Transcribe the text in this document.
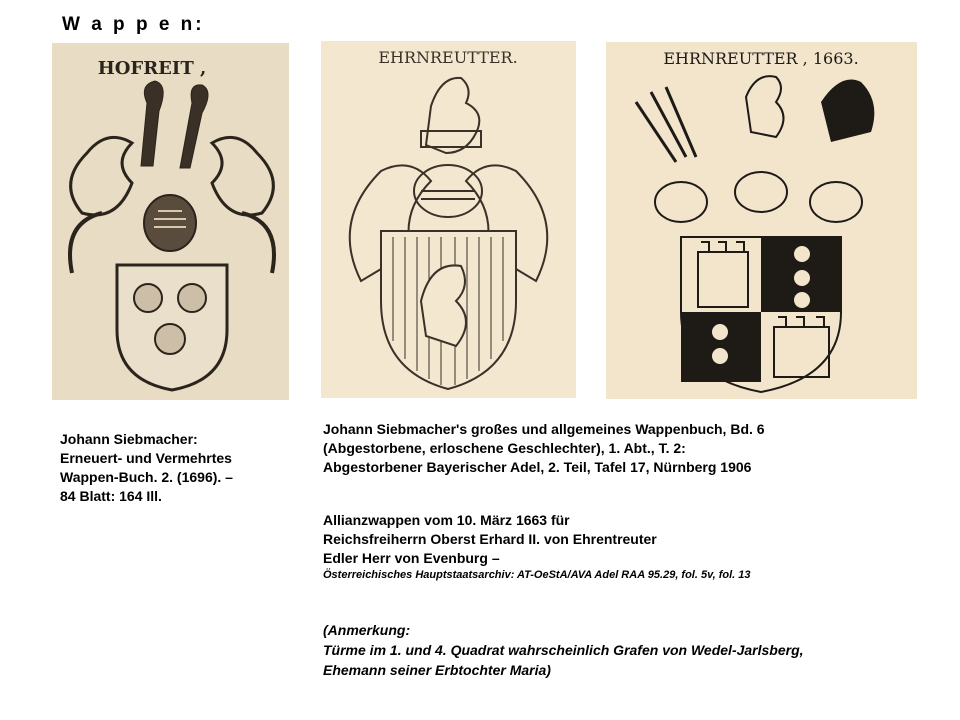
W a p p e n:
HOFREIT ,
EHRNREUTTER.	EHRNREUTTER , 1663.
Johann Siebmacher:
Erneuert- und Vermehrtes
Wappen-Buch. 2. (1696). –
84 Blatt: 164 Ill.
Johann Siebmacher's großes und allgemeines Wappenbuch, Bd. 6
(Abgestorbene, erloschene Geschlechter), 1. Abt., T. 2:
Abgestorbener Bayerischer Adel, 2. Teil, Tafel 17, Nürnberg 1906
Allianzwappen vom 10. März 1663 für
Reichsfreiherrn Oberst Erhard II. von Ehrentreuter
Edler Herr von Evenburg –
Österreichisches Hauptstaatsarchiv: AT-OeStA/AVA Adel RAA 95.29, fol. 5v, fol. 13
(Anmerkung:
Türme im 1. und 4. Quadrat wahrscheinlich Grafen von Wedel-Jarlsberg,
Ehemann seiner Erbtochter Maria)
